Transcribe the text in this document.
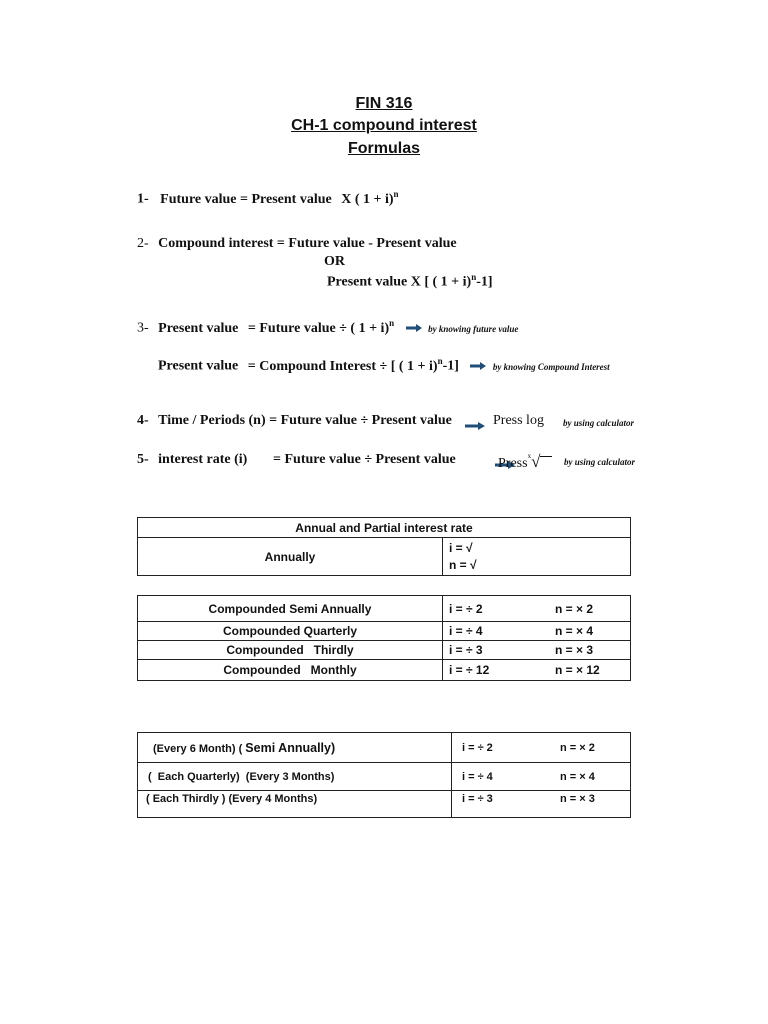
FIN 316
CH-1 compound interest
Formulas
1- Future value = Present value X ( 1 + i)$^n$
2- Compound interest = Future value - Present value
OR
Present value X [ ( 1 + i)$^n$-1]
3- Present value = Future value ÷ ( 1 + i)$^n$
by knowing future value
Present value = Compound Interest ÷ [ ( 1 + i)$^n$-1]	by knowing Compound Interest
4- Time / Periods (n) = Future value ÷ Present value
	Press log by using calculator
5- interest rate (i) = Future value ÷ Present value	Press$^x$√	by using calculator
Annual and Partial interest rate
Annually	
i = √
n = √
Compounded Semi Annually	i = ÷ 2 n = × 2
Compounded Quarterly	i = ÷ 4 n = × 4
Compounded   Thirdly	i = ÷ 3 n = × 3
Compounded   Monthly	i = ÷ 12 n = × 12
(Every 6 Month) ( Semi Annually)	i = ÷ 2 n = × 2
(  Each Quarterly)  (Every 3 Months)	i = ÷ 4 n = × 4
( Each Thirdly ) (Every 4 Months)	i = ÷ 3 n = × 3
